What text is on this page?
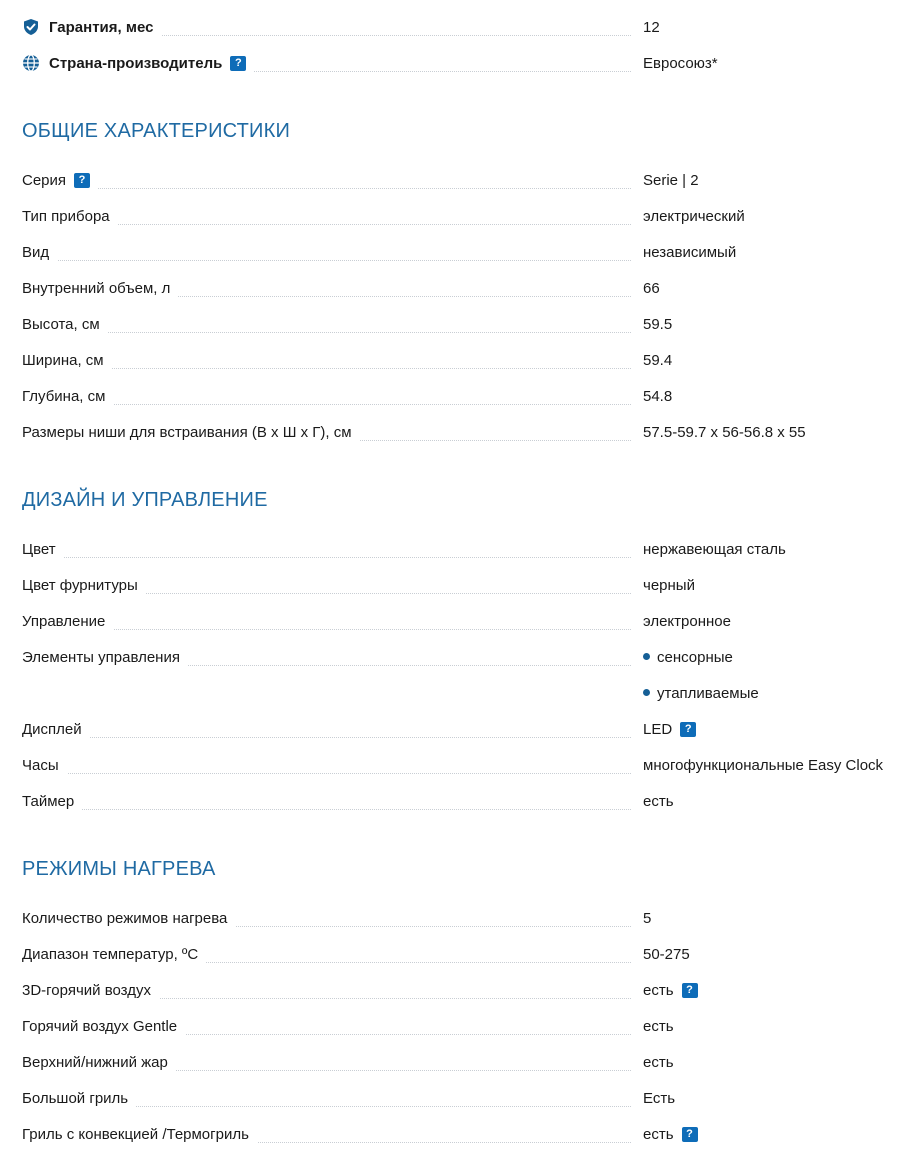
Гарантия, мес	12
Страна-производитель ?	Евросоюз*
ОБЩИЕ ХАРАКТЕРИСТИКИ
Серия ?	Serie | 2
Тип прибора	электрический
Вид	независимый
Внутренний объем, л	66
Высота, см	59.5
Ширина, см	59.4
Глубина, см	54.8
Размеры ниши для встраивания (В х Ш х Г), см	57.5-59.7 x 56-56.8 x 55
ДИЗАЙН И УПРАВЛЕНИЕ
Цвет	нержавеющая сталь
Цвет фурнитуры	черный
Управление	электронное
Элементы управления	сенсорные
утапливаемые
Дисплей	LED ?
Часы	многофункциональные Easy Clock
Таймер	есть
РЕЖИМЫ НАГРЕВА
Количество режимов нагрева	5
Диапазон температур, ºC	50-275
3D-горячий воздух	есть ?
Горячий воздух Gentle	есть
Верхний/нижний жар	есть
Большой гриль	Есть
Гриль с конвекцией /Термогриль	есть ?
